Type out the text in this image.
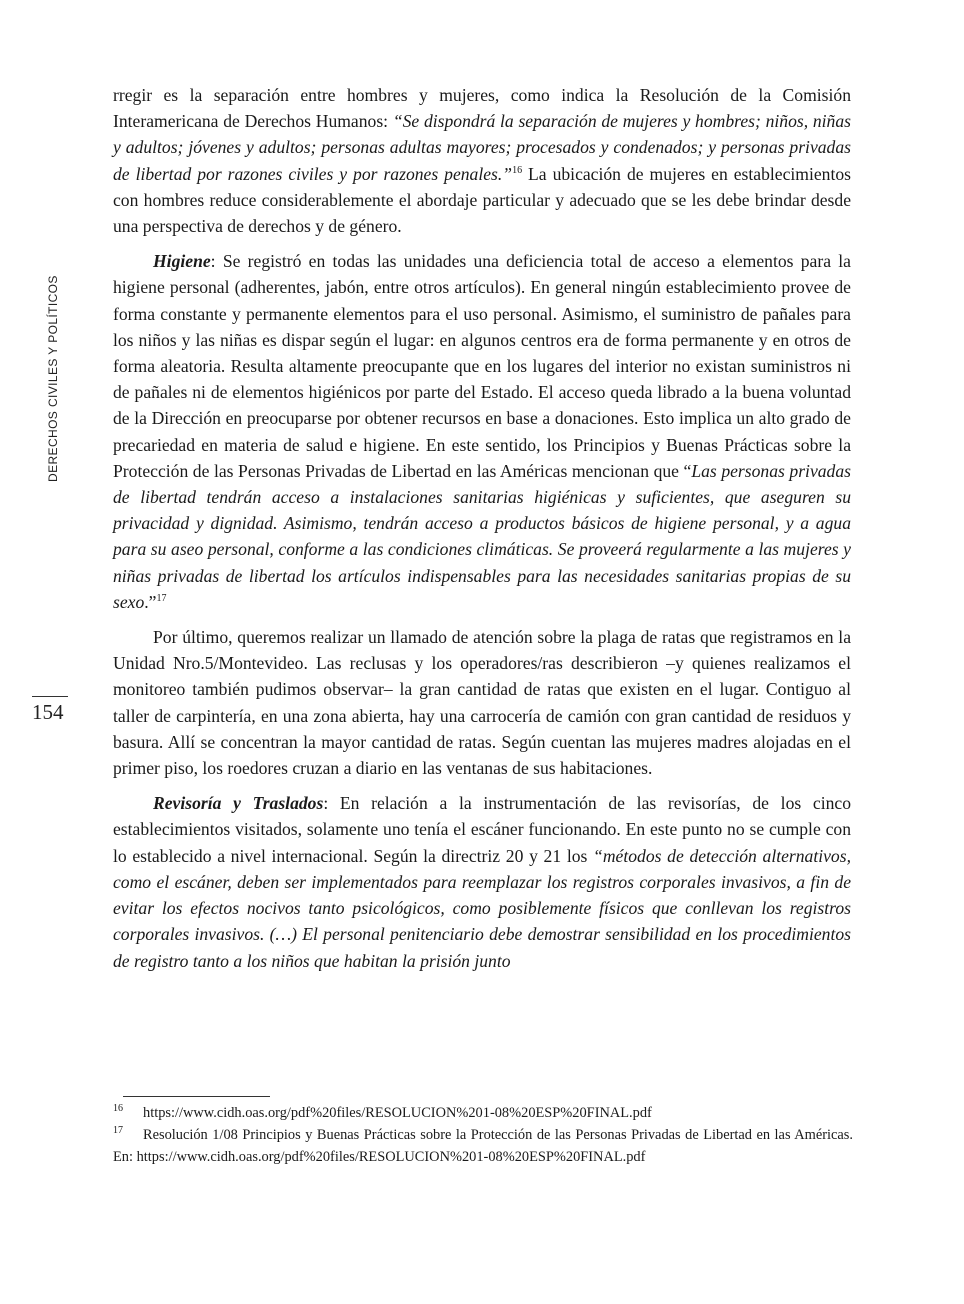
DERECHOS CIVILES Y POLÍTICOS
154

rregir es la separación entre hombres y mujeres, como indica la Resolución de la Comisión Interamericana de Derechos Humanos: “Se dispondrá la separación de mujeres y hombres; niños, niñas y adultos; jóvenes y adultos; personas adultas mayores; procesados y condenados; y personas privadas de libertad por razones civiles y por razones penales.”$^{16}$ La ubicación de mujeres en establecimientos con hombres reduce considerablemente el abordaje particular y adecuado que se les debe brindar desde una perspectiva de derechos y de género.

Higiene: Se registró en todas las unidades una deficiencia total de acceso a elementos para la higiene personal (adherentes, jabón, entre otros artículos). En general ningún establecimiento provee de forma constante y permanente elementos para el uso personal. Asimismo, el suministro de pañales para los niños y las niñas es dispar según el lugar: en algunos centros era de forma permanente y en otros de forma aleatoria. Resulta altamente preocupante que en los lugares del interior no existan suministros ni de pañales ni de elementos higiénicos por parte del Estado. El acceso queda librado a la buena voluntad de la Dirección en preocuparse por obtener recursos en base a donaciones. Esto implica un alto grado de precariedad en materia de salud e higiene. En este sentido, los Principios y Buenas Prácticas sobre la Protección de las Personas Privadas de Libertad en las Américas mencionan que “Las personas privadas de libertad tendrán acceso a instalaciones sanitarias higiénicas y suficientes, que aseguren su privacidad y dignidad. Asimismo, tendrán acceso a productos básicos de higiene personal, y a agua para su aseo personal, conforme a las condiciones climáticas. Se proveerá regularmente a las mujeres y niñas privadas de libertad los artículos indispensables para las necesidades sanitarias propias de su sexo.”$^{17}$

Por último, queremos realizar un llamado de atención sobre la plaga de ratas que registramos en la Unidad Nro.5/Montevideo. Las reclusas y los operadores/ras describieron –y quienes realizamos el monitoreo también pudimos observar– la gran cantidad de ratas que existen en el lugar. Contiguo al taller de carpintería, en una zona abierta, hay una carrocería de camión con gran cantidad de residuos y basura. Allí se concentran la mayor cantidad de ratas. Según cuentan las mujeres madres alojadas en el primer piso, los roedores cruzan a diario en las ventanas de sus habitaciones.

Revisoría y Traslados: En relación a la instrumentación de las revisorías, de los cinco establecimientos visitados, solamente uno tenía el escáner funcionando. En este punto no se cumple con lo establecido a nivel internacional. Según la directriz 20 y 21 los “métodos de detección alternativos, como el escáner, deben ser implementados para reemplazar los registros corporales invasivos, a fin de evitar los efectos nocivos tanto psicológicos, como posiblemente físicos que conllevan los registros corporales invasivos. (…) El personal penitenciario debe demostrar sensibilidad en los procedimientos de registro tanto a los niños que habitan la prisión junto

$^{16}$ https://www.cidh.oas.org/pdf%20files/RESOLUCION%201-08%20ESP%20FINAL.pdf

$^{17}$ Resolución 1/08 Principios y Buenas Prácticas sobre la Protección de las Personas Privadas de Libertad en las Américas. En: https://www.cidh.oas.org/pdf%20files/RESOLUCION%201-08%20ESP%20FINAL.pdf
